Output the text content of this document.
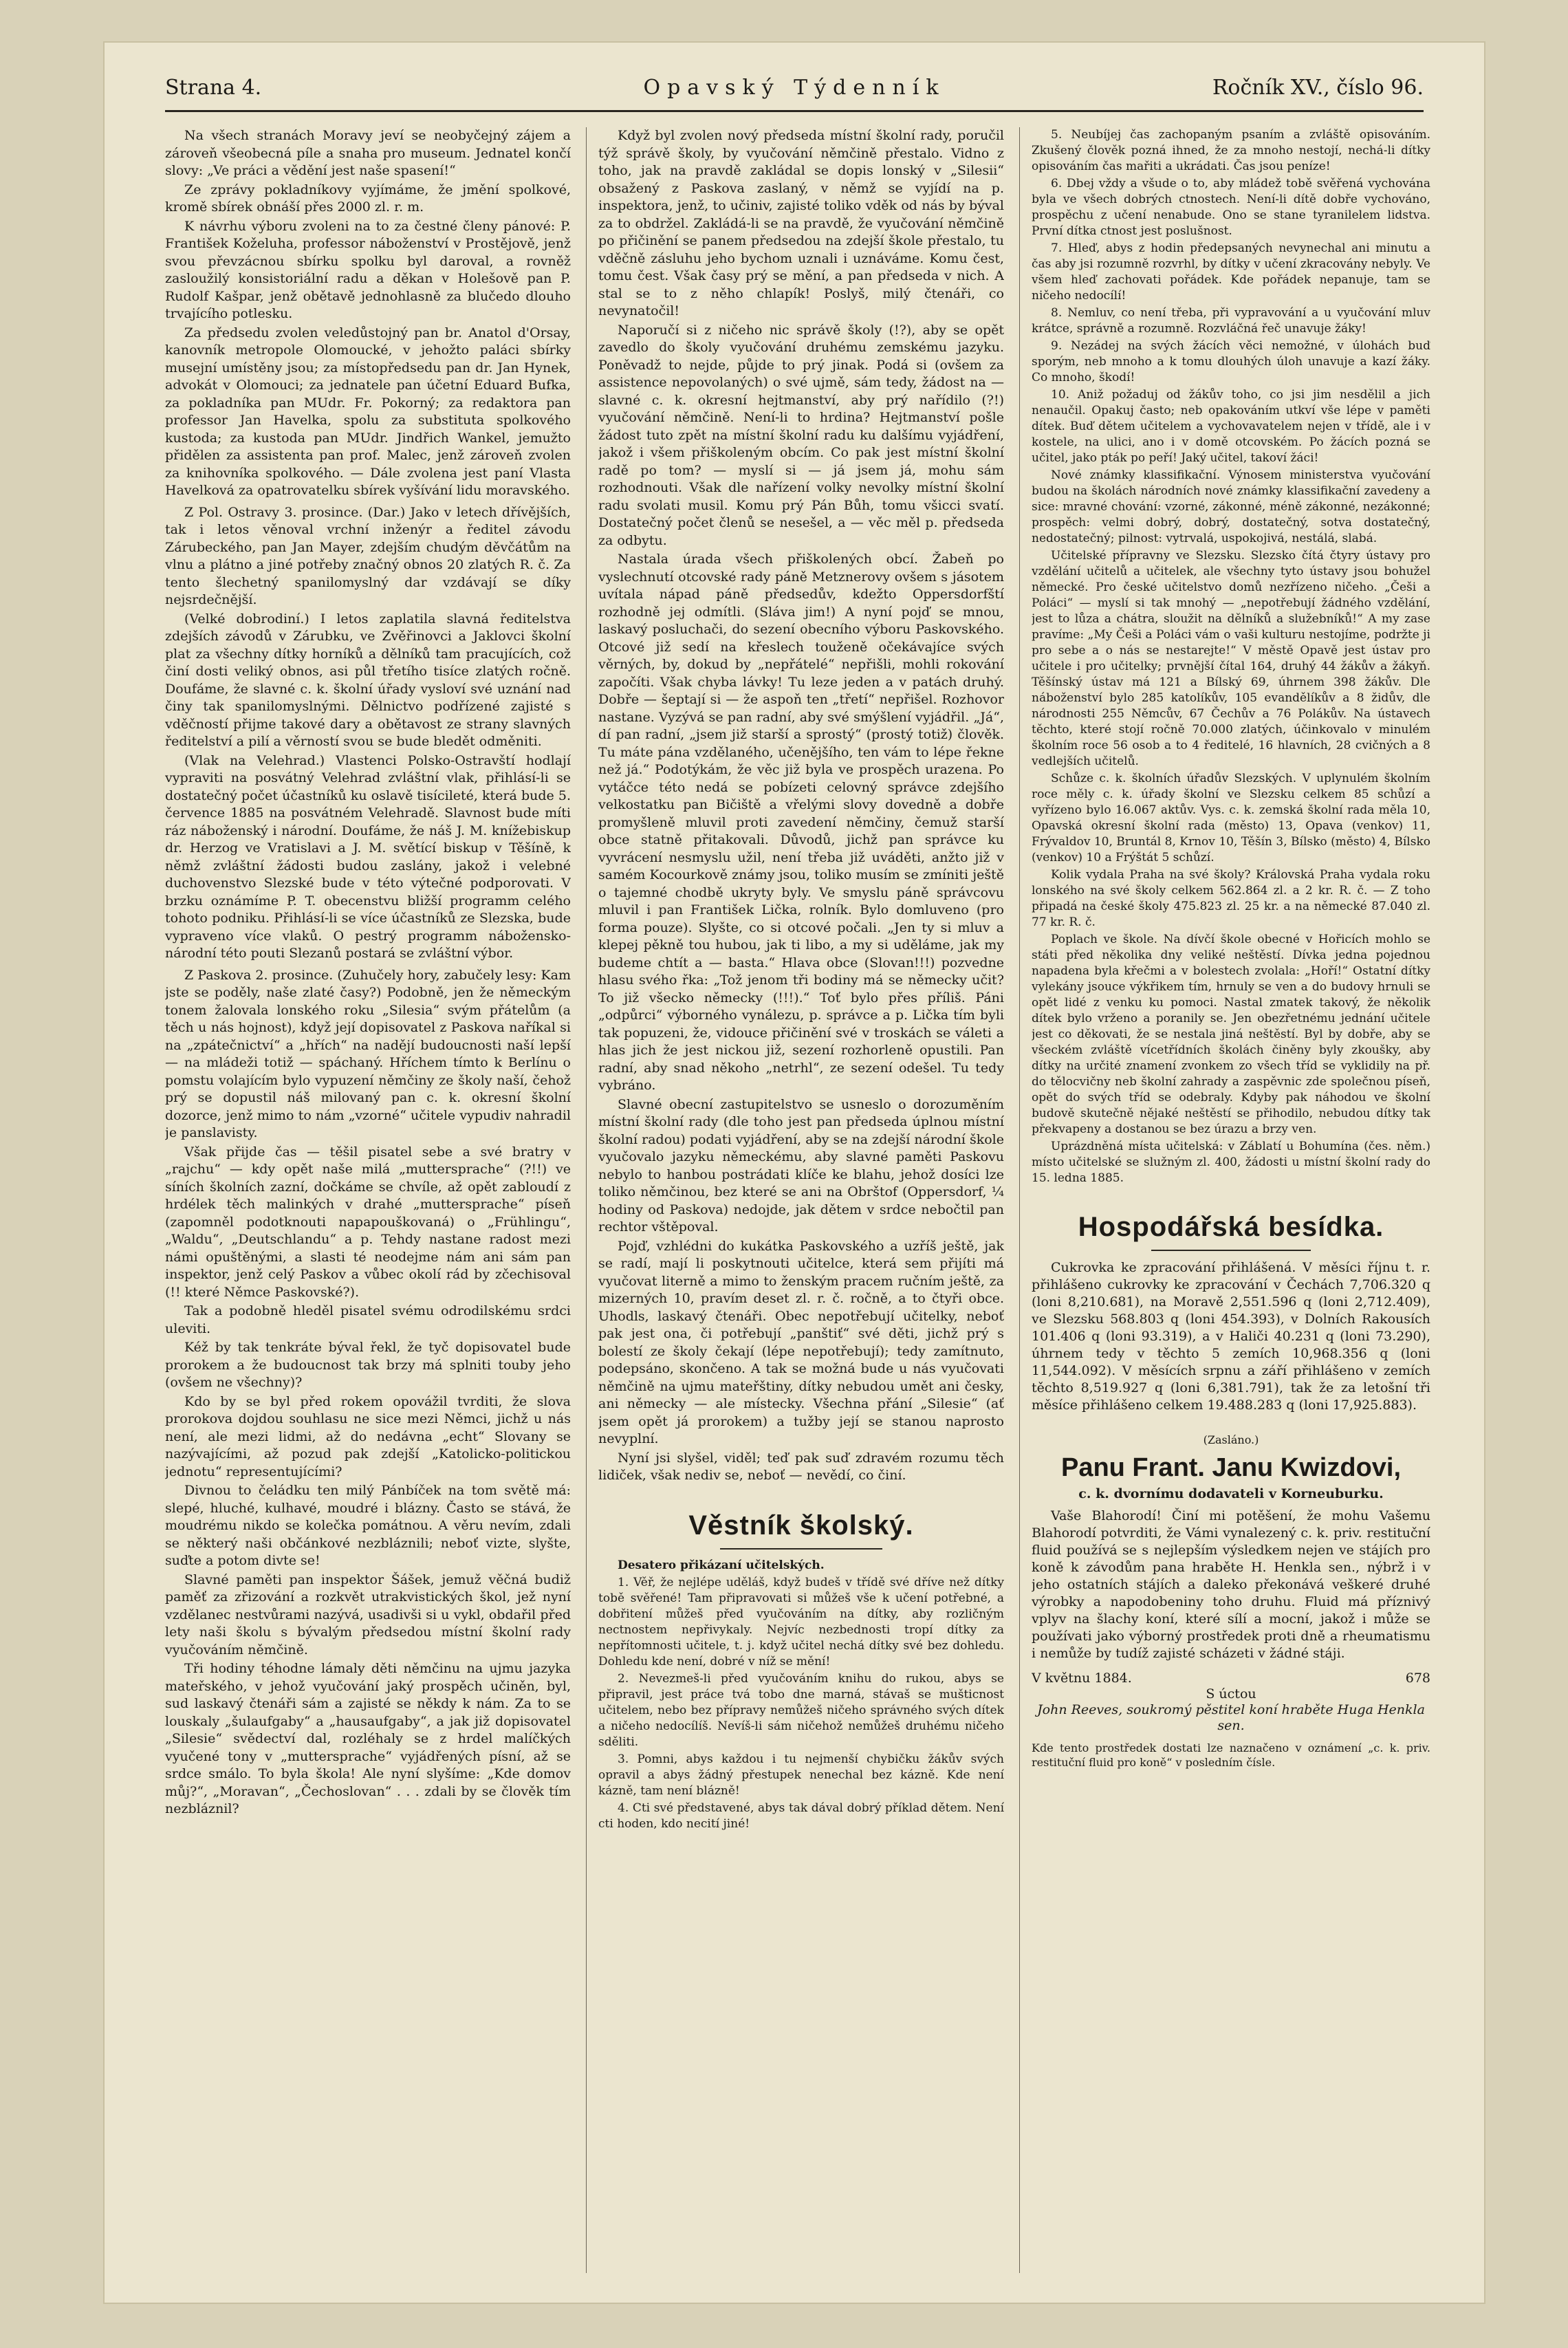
Strana 4.	Opavský Týdenník	Ročník XV., číslo 96.

Na všech stranách Moravy jeví se neobyčejný zájem a zároveň všeobecná píle a snaha pro museum. Jednatel končí slovy: „Ve práci a vědění jest naše spasení!“

Ze zprávy pokladníkovy vyjímáme, že jmění spolkové, kromě sbírek obnáší přes 2000 zl. r. m.

K návrhu výboru zvoleni na to za čestné členy pánové: P. František Koželuha, professor náboženství v Prostějově, jenž svou převzácnou sbírku spolku byl daroval, a rovněž zasloužilý konsistoriální radu a děkan v Holešově pan P. Rudolf Kašpar, jenž obětavě jednohlasně za blučedo dlouho trvajícího potlesku.

Za předsedu zvolen veledůstojný pan br. Anatol d'Orsay, kanovník metropole Olomoucké, v jehožto paláci sbírky musejní umístěny jsou; za místopředsedu pan dr. Jan Hynek, advokát v Olomouci; za jednatele pan účetní Eduard Bufka, za pokladníka pan MUdr. Fr. Pokorný; za redaktora pan professor Jan Havelka, spolu za substituta spolkového kustoda; za kustoda pan MUdr. Jindřich Wankel, jemužto přidělen za assistenta pan prof. Malec, jenž zároveň zvolen za knihovníka spolkového. — Dále zvolena jest paní Vlasta Havelková za opatrovatelku sbírek vyšívání lidu moravského.

Z Pol. Ostravy 3. prosince. (Dar.) Jako v letech dřívějších, tak i letos věnoval vrchní inženýr a ředitel závodu Zárubeckého, pan Jan Mayer, zdejším chudým děvčátům na vlnu a plátno a jiné potřeby značný obnos 20 zlatých R. č. Za tento šlechetný spanilomyslný dar vzdávají se díky nejsrdečnější.

(Velké dobrodiní.) I letos zaplatila slavná ředitelstva zdejších závodů v Zárubku, ve Zvěřinovci a Jaklovci školní plat za všechny dítky horníků a dělníků tam pracujících, což činí dosti veliký obnos, asi půl třetího tisíce zlatých ročně. Doufáme, že slavné c. k. školní úřady vysloví své uznání nad činy tak spanilomyslnými. Dělnictvo podřízené zajisté s vděčností přijme takové dary a obětavost ze strany slavných ředitelství a pilí a věrností svou se bude bledět odměniti.

(Vlak na Velehrad.) Vlastenci Polsko-Ostravští hodlají vypraviti na posvátný Velehrad zvláštní vlak, přihlásí-li se dostatečný počet účastníků ku oslavě tisícileté, která bude 5. července 1885 na posvátném Velehradě. Slavnost bude míti ráz náboženský i národní. Doufáme, že náš J. M. knížebiskup dr. Herzog ve Vratislavi a J. M. světící biskup v Těšíně, k němž zvláštní žádosti budou zaslány, jakož i velebné duchovenstvo Slezské bude v této výtečné podporovati. V brzku oznámíme P. T. obecenstvu bližší programm celého tohoto podniku. Přihlásí-li se více účastníků ze Slezska, bude vypraveno více vlaků. O pestrý programm nábožensko-národní této pouti Slezanů postará se zvláštní výbor.

Z Paskova 2. prosince. (Zuhučely hory, zabučely lesy: Kam jste se poděly, naše zlaté časy?) Podobně, jen že německým tonem žalovala lonského roku „Silesia“ svým přátelům (a těch u nás hojnost), když její dopisovatel z Paskova naříkal si na „zpátečnictví“ a „hřích“ na nadějí budoucnosti naší lepší — na mládeži totiž — spáchaný. Hříchem tímto k Berlínu o pomstu volajícím bylo vypuzení němčiny ze školy naší, čehož prý se dopustil náš milovaný pan c. k. okresní školní dozorce, jenž mimo to nám „vzorné“ učitele vypudiv nahradil je panslavisty.

Však přijde čas — těšil pisatel sebe a své bratry v „rajchu“ — kdy opět naše milá „muttersprache“ (?!!) ve síních školních zazní, dočkáme se chvíle, až opět zabloudí z hrdélek těch malinkých v drahé „muttersprache“ píseň (zapomněl podotknouti napapouškovaná) o „Frühlingu“, „Waldu“, „Deutschlandu“ a p. Tehdy nastane radost mezi námi opuštěnými, a slasti té neodejme nám ani sám pan inspektor, jenž celý Paskov a vůbec okolí rád by zčechisoval (!! které Němce Paskovské?).

Tak a podobně hleděl pisatel svému odrodilskému srdci uleviti.

Kéž by tak tenkráte býval řekl, že tyč dopisovatel bude prorokem a že budoucnost tak brzy má splniti touby jeho (ovšem ne všechny)?

Kdo by se byl před rokem opovážil tvrditi, že slova prorokova dojdou souhlasu ne sice mezi Němci, jichž u nás není, ale mezi lidmi, až do nedávna „echt“ Slovany se nazývajícími, až pozud pak zdejší „Katolicko-politickou jednotu“ representujícími?

Divnou to čeládku ten milý Pánbíček na tom světě má: slepé, hluché, kulhavé, moudré i blázny. Často se stává, že moudrému nikdo se kolečka pomátnou. A věru nevím, zdali se některý naši občánkové nezbláznili; neboť vizte, slyšte, suďte a potom divte se!

Slavné paměti pan inspektor Šášek, jemuž věčná budiž paměť za zřizování a rozkvět utrakvistických škol, jež nyní vzdělanec nestvůrami nazývá, usadivši si u vykl, obdařil před lety naši školu s bývalým předsedou místní školní rady vyučováním němčině.

Tři hodiny téhodne lámaly děti němčinu na ujmu jazyka mateřského, v jehož vyučování jaký prospěch učiněn, byl, sud laskavý čtenáři sám a zajisté se někdy k nám. Za to se louskaly „šulaufgaby“ a „hausaufgaby“, a jak již dopisovatel „Silesie“ svědectví dal, rozléhaly se z hrdel malíčkých vyučené tony v „muttersprache“ vyjádřených písní, až se srdce smálo. To byla škola! Ale nyní slyšíme: „Kde domov můj?“, „Moravan“, „Čechoslovan“ . . . zdali by se člověk tím nezbláznil?

Když byl zvolen nový předseda místní školní rady, poručil týž správě školy, by vyučování němčině přestalo. Vidno z toho, jak na pravdě zakládal se dopis lonský v „Silesii“ obsažený z Paskova zaslaný, v němž se vyjídí na p. inspektora, jenž, to učiniv, zajisté toliko vděk od nás by býval za to obdržel. Zakládá-li se na pravdě, že vyučování němčině po přičinění se panem předsedou na zdejší škole přestalo, tu vděčně zásluhu jeho bychom uznali i uznáváme. Komu čest, tomu čest. Však časy prý se mění, a pan předseda v nich. A stal se to z něho chlapík! Poslyš, milý čtenáři, co nevynatočil!

Naporučí si z ničeho nic správě školy (!?), aby se opět zavedlo do školy vyučování druhému zemskému jazyku. Poněvadž to nejde, půjde to prý jinak. Podá si (ovšem za assistence nepovolaných) o své ujmě, sám tedy, žádost na — slavné c. k. okresní hejtmanství, aby prý nařídilo (?!) vyučování němčině. Není-li to hrdina? Hejtmanství pošle žádost tuto zpět na místní školní radu ku dalšímu vyjádření, jakož i všem přiškoleným obcím. Co pak jest místní školní radě po tom? — myslí si — já jsem já, mohu sám rozhodnouti. Však dle nařízení volky nevolky místní školní radu svolati musil. Komu prý Pán Bůh, tomu všicci svatí. Dostatečný počet členů se nesešel, a — věc měl p. předseda za odbytu.

Nastala úrada všech přiškolených obcí. Žabeň po vyslechnutí otcovské rady páně Metznerovy ovšem s jásotem uvítala nápad páně předsedův, kdežto Oppersdorfští rozhodně jej odmítli. (Sláva jim!) A nyní pojď se mnou, laskavý posluchači, do sezení obecního výboru Paskovského. Otcové již sedí na křeslech touženě očekávajíce svých věrných, by, dokud by „nepřátelé“ nepřišli, mohli rokování započíti. Však chyba lávky! Tu leze jeden a v patách druhý. Dobře — šeptají si — že aspoň ten „třetí“ nepřišel. Rozhovor nastane. Vyzývá se pan radní, aby své smýšlení vyjádřil. „Já“, dí pan radní, „jsem již starší a sprostý“ (prostý totiž) člověk. Tu máte pána vzdělaného, učenějšího, ten vám to lépe řekne než já.“ Podotýkám, že věc již byla ve prospěch urazena. Po vytáčce této nedá se pobízeti celovný správce zdejšího velkostatku pan Bičiště a vřelými slovy dovedně a dobře promyšleně mluvil proti zavedení němčiny, čemuž starší obce statně přitakovali. Důvodů, jichž pan správce ku vyvrácení nesmyslu užil, není třeba již uváděti, anžto již v samém Kocourkově známy jsou, toliko musím se zmíniti ještě o tajemné chodbě ukryty byly. Ve smyslu páně správcovu mluvil i pan František Lička, rolník. Bylo domluveno (pro forma pouze). Slyšte, co si otcové počali. „Jen ty si mluv a klepej pěkně tou hubou, jak ti libo, a my si uděláme, jak my budeme chtít a — basta.“ Hlava obce (Slovan!!!) pozvedne hlasu svého řka: „Tož jenom tři bodiny má se německy učit? To již všecko německy (!!!).“ Toť bylo přes příliš. Páni „odpůrci“ výborného vynálezu, p. správce a p. Lička tím byli tak popuzeni, že, vidouce přičinění své v troskách se váleti a hlas jich že jest nickou již, sezení rozhorleně opustili. Pan radní, aby snad někoho „netrhl“, ze sezení odešel. Tu tedy vybráno.

Slavné obecní zastupitelstvo se usneslo o dorozuměním místní školní rady (dle toho jest pan předseda úplnou místní školní radou) podati vyjádření, aby se na zdejší národní škole vyučovalo jazyku německému, aby slavné paměti Paskovu nebylo to hanbou postrádati klíče ke blahu, jehož dosíci lze toliko němčinou, bez které se ani na Obrštof (Oppersdorf, ¼ hodiny od Paskova) nedojde, jak dětem v srdce nebočtil pan rechtor vštěpoval.

Pojď, vzhlédni do kukátka Paskovského a uzříš ještě, jak se radí, mají li poskytnouti učitelce, která sem přijíti má vyučovat literně a mimo to ženským pracem ručním ještě, za mizerných 10, pravím deset zl. r. č. ročně, a to čtyři obce. Uhodls, laskavý čtenáři. Obec nepotřebují učitelky, neboť pak jest ona, či potřebují „panštiť“ své děti, jichž prý s bolestí ze školy čekají (lépe nepotřebují); tedy zamítnuto, podepsáno, skončeno. A tak se možná bude u nás vyučovati němčině na ujmu mateřštiny, dítky nebudou umět ani česky, ani německy — ale místecky. Všechna přání „Silesie“ (ať jsem opět já prorokem) a tužby její se stanou naprosto nevyplní.

Nyní jsi slyšel, viděl; teď pak suď zdravém rozumu těch lidiček, však nediv se, neboť — nevědí, co činí.

Věstník školský.

Desatero přikázaní učitelských.

1. Věř, že nejlépe uděláš, když budeš v třídě své dříve než dítky tobě svěřené! Tam připravovati si můžeš vše k učení potřebné, a dobřitení můžeš před vyučováním na dítky, aby rozličným nectnostem nepřivykaly. Nejvíc nezbednosti tropí dítky za nepřítomnosti učitele, t. j. když učitel nechá dítky své bez dohledu. Dohledu kde není, dobré v níž se mění!

2. Nevezmeš-li před vyučováním knihu do rukou, abys se připravil, jest práce tvá tobo dne marná, stávaš se mušticnost učitelem, nebo bez přípravy nemůžeš ničeho správného svých dítek a ničeho nedocílíš. Nevíš-li sám ničehož nemůžeš druhému ničeho sděliti.

3. Pomni, abys každou i tu nejmenší chybičku žákův svých opravil a abys žádný přestupek nenechal bez kázně. Kde není kázně, tam není blázně!

4. Cti své představené, abys tak dával dobrý příklad dětem. Není cti hoden, kdo necití jiné!

5. Neubíjej čas zachopaným psaním a zvláště opisováním. Zkušený člověk pozná ihned, že za mnoho nestojí, nechá-li dítky opisováním čas mařiti a ukrádati. Čas jsou peníze!

6. Dbej vždy a všude o to, aby mládež tobě svěřená vychována byla ve všech dobrých ctnostech. Není-li dítě dobře vychováno, prospěchu z učení nenabude. Ono se stane tyranilelem lidstva. První dítka ctnost jest poslušnost.

7. Hleď, abys z hodin předepsaných nevynechal ani minutu a čas aby jsi rozumně rozvrhl, by dítky v učení zkracovány nebyly. Ve všem hleď zachovati pořádek. Kde pořádek nepanuje, tam se ničeho nedocílí!

8. Nemluv, co není třeba, při vypravování a u vyučování mluv krátce, správně a rozumně. Rozvláčná řeč unavuje žáky!

9. Nezádej na svých žácích věci nemožné, v úlohách buď sporým, neb mnoho a k tomu dlouhých úloh unavuje a kazí žáky. Co mnoho, škodí!

10. Aniž požaduj od žákův toho, co jsi jim nesdělil a jich nenaučil. Opakuj často; neb opakováním utkví vše lépe v paměti dítek. Buď dětem učitelem a vychovavatelem nejen v třídě, ale i v kostele, na ulici, ano i v domě otcovském. Po žácích pozná se učitel, jako pták po peří! Jaký učitel, takoví žáci!

Nové známky klassifikační. Výnosem ministerstva vyučování budou na školách národních nové známky klassifikační zavedeny a sice: mravné chování: vzorné, zákonné, méně zákonné, nezákonné; prospěch: velmi dobrý, dobrý, dostatečný, sotva dostatečný, nedostatečný; pilnost: vytrvalá, uspokojivá, nestálá, slabá.

Učitelské přípravny ve Slezsku. Slezsko čítá čtyry ústavy pro vzdělání učitelů a učitelek, ale všechny tyto ústavy jsou bohužel německé. Pro české učitelstvo domů nezřízeno ničeho. „Češi a Poláci“ — myslí si tak mnohý — „nepotřebují žádného vzdělání, jest to lůza a chátra, sloužit na dělníků a služebníků!“ A my zase pravíme: „My Češi a Poláci vám o vaši kulturu nestojíme, podržte ji pro sebe a o nás se nestarejte!“ V městě Opavě jest ústav pro učitele i pro učitelky; prvnější čítal 164, druhý 44 žákův a žákyň. Těšínský ústav má 121 a Bílský 69, úhrnem 398 žákův. Dle náboženství bylo 285 katolíkův, 105 evandělíkův a 8 židův, dle národnosti 255 Němcův, 67 Čechův a 76 Polákův. Na ústavech těchto, které stojí ročně 70.000 zlatých, účinkovalo v minulém školním roce 56 osob a to 4 ředitelé, 16 hlavních, 28 cvičných a 8 vedlejších učitelů.

Schůze c. k. školních úřadův Slezských. V uplynulém školním roce měly c. k. úřady školní ve Slezsku celkem 85 schůzí a vyřízeno bylo 16.067 aktův. Vys. c. k. zemská školní rada měla 10, Opavská okresní školní rada (město) 13, Opava (venkov) 11, Frývaldov 10, Bruntál 8, Krnov 10, Těšín 3, Bílsko (město) 4, Bílsko (venkov) 10 a Frýštát 5 schůzí.

Kolik vydala Praha na své školy? Královská Praha vydala roku lonského na své školy celkem 562.864 zl. a 2 kr. R. č. — Z toho připadá na české školy 475.823 zl. 25 kr. a na německé 87.040 zl. 77 kr. R. č.

Poplach ve škole. Na dívčí škole obecné v Hořicích mohlo se státi před několika dny veliké neštěstí. Dívka jedna pojednou napadena byla křečmi a v bolestech zvolala: „Hoří!“ Ostatní dítky vylekány jsouce výkřikem tím, hrnuly se ven a do budovy hrnuli se opět lidé z venku ku pomoci. Nastal zmatek takový, že několik dítek bylo vrženo a poranily se. Jen obezřetnému jednání učitele jest co děkovati, že se nestala jiná neštěstí. Byl by dobře, aby se všeckém zvláště vícetřídních školách činěny byly zkoušky, aby dítky na určité znamení zvonkem zo všech tříd se vyklidily na př. do tělocvičny neb školní zahrady a zaspěvnic zde společnou píseň, opět do svých tříd se odebraly. Kdyby pak náhodou ve školní budově skutečně nějaké neštěstí se přihodilo, nebudou dítky tak překvapeny a dostanou se bez úrazu a brzy ven.

Uprázdněná místa učitelská: v Záblatí u Bohumína (čes. něm.) místo učitelské se služným zl. 400, žádosti u místní školní rady do 15. ledna 1885.

Hospodářská besídka.
Cukrovka ke zpracování přihlášená. V měsíci říjnu t. r. přihlášeno cukrovky ke zpracování v Čechách 7,706.320 q (loni 8,210.681), na Moravě 2,551.596 q (loni 2,712.409), ve Slezsku 568.803 q (loni 454.393), v Dolních Rakousích 101.406 q (loni 93.319), a v Haliči 40.231 q (loni 73.290), úhrnem tedy v těchto 5 zemích 10,968.356 q (loni 11,544.092). V měsících srpnu a září přihlášeno v zemích těchto 8,519.927 q (loni 6,381.791), tak že za letošní tři měsíce přihlášeno celkem 19.488.283 q (loni 17,925.883).
(Zasláno.)
Panu Frant. Janu Kwizdovi,
c. k. dvornímu dodavateli v Korneuburku.

Vaše Blahorodí! Činí mi potěšení, že mohu Vašemu Blahorodí potvrditi, že Vámi vynalezený c. k. priv. restituční fluid používá se s nejlepším výsledkem nejen ve stájích pro koně k závodům pana hraběte H. Henkla sen., nýbrž i v jeho ostatních stájích a daleko překonává veškeré druhé výrobky a napodobeniny toho druhu. Fluid má příznivý vplyv na šlachy koní, které sílí a mocní, jakož i může se používati jako výborný prostředek proti dně a rheumatismu i nemůže by tudíž zajisté scházeti v žádné stáji.

V květnu 1884.	678
S úctou
John Reeves, soukromý pěstitel koní hraběte Huga Henkla sen.
Kde tento prostředek dostati lze naznačeno v oznámení „c. k. priv. restituční fluid pro koně“ v posledním čísle.
